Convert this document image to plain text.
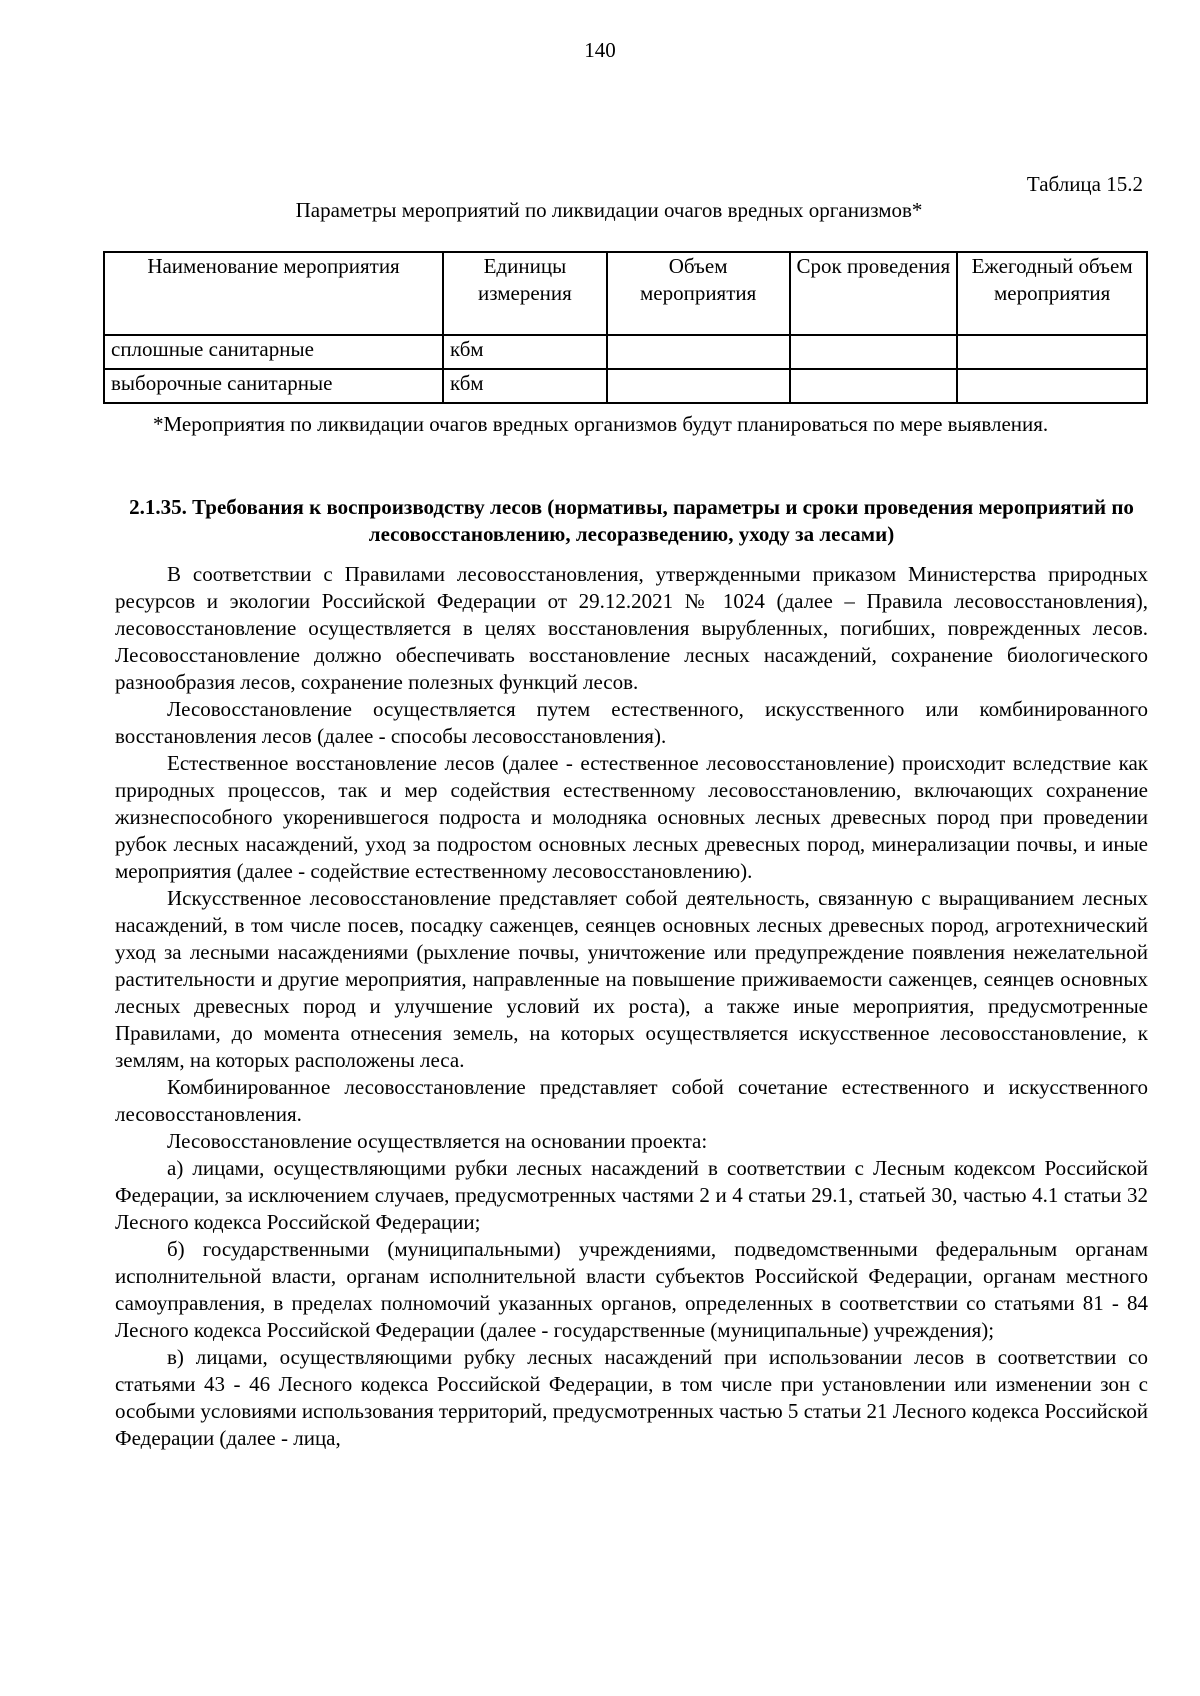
140
Таблица 15.2
Параметры мероприятий по ликвидации очагов вредных организмов*
Наименование мероприятия	Единицы измерения	Объем мероприятия	Срок проведения	Ежегодный объем мероприятия
сплошные санитарные	кбм			
выборочные санитарные	кбм			
*Мероприятия по ликвидации очагов вредных организмов будут планироваться по мере выявления.
2.1.35. Требования к воспроизводству лесов (нормативы, параметры и сроки проведения мероприятий по лесовосстановлению, лесоразведению, уходу за лесами)

В соответствии с Правилами лесовосстановления, утвержденными приказом Министерства природных ресурсов и экологии Российской Федерации от 29.12.2021 № 1024 (далее – Правила лесовосстановления), лесовосстановление осуществляется в целях восстановления вырубленных, погибших, поврежденных лесов. Лесовосстановление должно обеспечивать восстановление лесных насаждений, сохранение биологического разнообразия лесов, сохранение полезных функций лесов.

Лесовосстановление осуществляется путем естественного, искусственного или комбинированного восстановления лесов (далее - способы лесовосстановления).

Естественное восстановление лесов (далее - естественное лесовосстановление) происходит вследствие как природных процессов, так и мер содействия естественному лесовосстановлению, включающих сохранение жизнеспособного укоренившегося подроста и молодняка основных лесных древесных пород при проведении рубок лесных насаждений, уход за подростом основных лесных древесных пород, минерализации почвы, и иные мероприятия (далее - содействие естественному лесовосстановлению).

Искусственное лесовосстановление представляет собой деятельность, связанную с выращиванием лесных насаждений, в том числе посев, посадку саженцев, сеянцев основных лесных древесных пород, агротехнический уход за лесными насаждениями (рыхление почвы, уничтожение или предупреждение появления нежелательной растительности и другие мероприятия, направленные на повышение приживаемости саженцев, сеянцев основных лесных древесных пород и улучшение условий их роста), а также иные мероприятия, предусмотренные Правилами, до момента отнесения земель, на которых осуществляется искусственное лесовосстановление, к землям, на которых расположены леса.

Комбинированное лесовосстановление представляет собой сочетание естественного и искусственного лесовосстановления.

Лесовосстановление осуществляется на основании проекта:

а) лицами, осуществляющими рубки лесных насаждений в соответствии с Лесным кодексом Российской Федерации, за исключением случаев, предусмотренных частями 2 и 4 статьи 29.1, статьей 30, частью 4.1 статьи 32 Лесного кодекса Российской Федерации;

б) государственными (муниципальными) учреждениями, подведомственными федеральным органам исполнительной власти, органам исполнительной власти субъектов Российской Федерации, органам местного самоуправления, в пределах полномочий указанных органов, определенных в соответствии со статьями 81 - 84 Лесного кодекса Российской Федерации (далее - государственные (муниципальные) учреждения);

в) лицами, осуществляющими рубку лесных насаждений при использовании лесов в соответствии со статьями 43 - 46 Лесного кодекса Российской Федерации, в том числе при установлении или изменении зон с особыми условиями использования территорий, предусмотренных частью 5 статьи 21 Лесного кодекса Российской Федерации (далее - лица,
